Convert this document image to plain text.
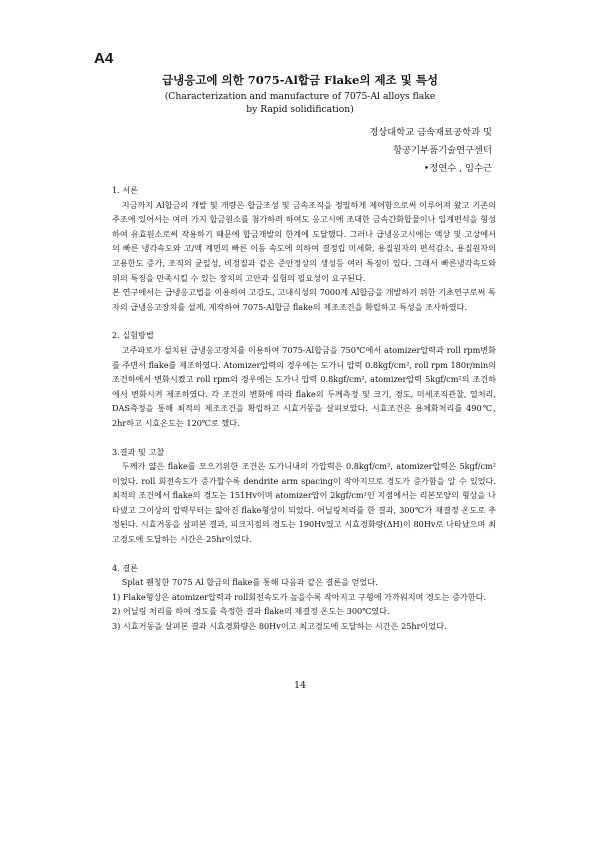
A4
급냉응고에 의한 7075-Al합금 Flake의 제조 및 특성
(Characterization and manufacture of 7075-Al alloys flake
by Rapid solidification)
경상대학교 금속재료공학과 및
항공기부품기술연구센터
•정연수 , 임수근

1. 서론

지금까지 Al합금의 개발 및 개량은 합금조성 및 금속조직을 정밀하게 제어함으로써 이루어져 왔고 기존의 주조에 있어서는 여러 가지 합금원소를 첨가하려 하여도 응고시에 조대한 금속간화합물이나 입계편석을 형성하여 유효원소로써 작용하기 때문에 합금개발의 한계에 도달했다. 그러나 급냉응고시에는 액상 및 고상에서의 빠른 냉각속도와 고/액 계면의 빠른 이동 속도에 의하여 결정립 미세화, 용질원자의 편석감소, 용질원자의 고용한도 증가, 조직의 균일성, 비정질과 같은 준안정상의 생성등 여러 특징이 있다. 그래서 빠른냉각속도와 위의 특징을 만족시킬 수 있는 장치의 고안과 실험의 필요성이 요구된다.

본 연구에서는 급냉응고법을 이용하여 고강도, 고내식성의 7000계 Al합금을 개발하기 위한 기초연구로써 독자의 급냉응고장치를 설계, 제작하여 7075-Al합금 flake의 제조조건을 확립하고 특성을 조사하였다.

2. 실험방법

고주파로가 설치된 급냉응고장치를 이용하여 7075-Al합금을 750℃에서 atomizer압력과 roll rpm변화를 주면서 flake를 제조하였다. Atomizer압력의 경우에는 도가니 압력 0.8kgf/cm², roll rpm 180r/min의 조건하에서 변화시켰고 roll rpm의 경우에는 도가니 압력 0.8kgf/cm², atomizer압력 5kgf/cm²의 조건하에서 변화시켜 제조하였다. 각 조건의 변화에 따라 flake의 두께측정 및 크기, 경도, 미세조직관찰, 열처리, DAS측정을 통해 최적의 제조조건을 확립하고 시효거동을 살펴보았다. 시효조건은 용체화처리를 490℃, 2hr하고 시효온도는 120℃로 했다.

3.결과 및 고찰

두께가 얇은 flake를 모으기위한 조건은 도가니내의 가압력은 0.8kgf/cm², atomizer압력은 5kgf/cm²이었다. roll 회전속도가 증가할수록 dendrite arm spacing이 작아지므로 경도가 증가함을 알 수 있었다. 최적의 조건에서 flake의 경도는 151Hv이며 atomizer압이 2kgf/cm²인 지점에서는 리본모양의 형상을 나타냈고 그이상의 압력부터는 얇아진 flake형상이 되었다. 어닐링처리를 한 결과, 300℃가 재결정 온도로 추정된다. 시효거동을 살펴본 결과, 피크지점의 경도는 190Hv였고 시효경화량(ΔH)이 80Hv로 나타났으며 최고경도에 도달하는 시간은 25hr이었다.

4. 결론

Splat 퀜칭한 7075 Al 합금의 flake를 통해 다음과 같은 결론을 얻었다.

1) Flake형상은 atomizer압력과 roll회전속도가 높을수록 작아지고 구형에 가까워지며 경도는 증가한다.

2) 어닐링 처리를 하여 경도를 측정한 결과 flake의 재결정 온도는 300℃였다.

3) 시효거동을 살펴본 결과 시효경화량은 80Hv이고 최고경도에 도달하는 시간은 25hr이었다.

14
